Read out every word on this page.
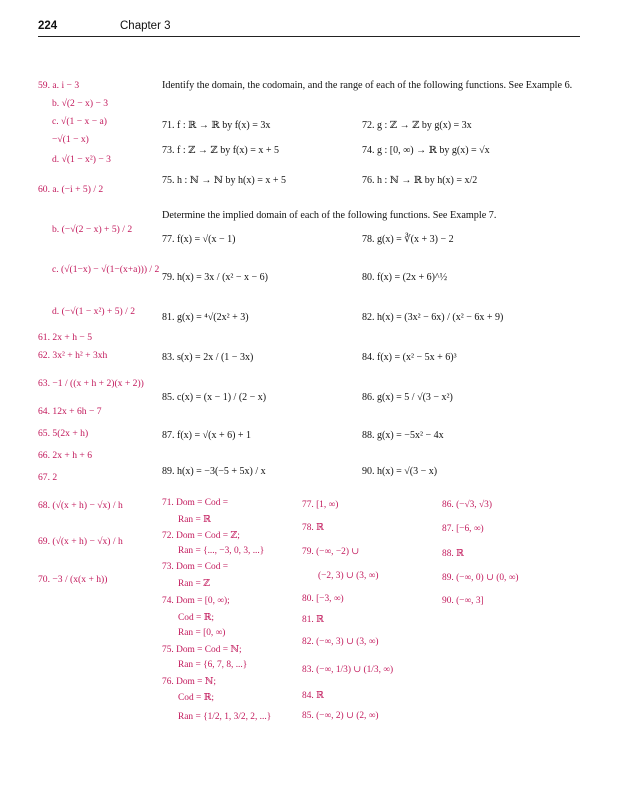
224	Chapter 3
59. a. i − 3
b. √(2 − x) − 3
c. √(1 − x − a)
−√(1 − x)
d. √(1 − x²) − 3
60. a. (−i + 5) / 2
b. (−√(2 − x) + 5) / 2
c. (√(1−x) − √(1−(x+a))) / 2
d. (−√(1 − x²) + 5) / 2
61. 2x + h − 5
62. 3x² + h² + 3xh
63. −1 / ((x + h + 2)(x + 2))
64. 12x + 6h − 7
65. 5(2x + h)
66. 2x + h + 6
67. 2
68. (√(x + h) − √x) / h
69. (√(x + h) − √x) / h
70. −3 / (x(x + h))
Identify the domain, the codomain, and the range of each of the following functions. See Example 6.
71. f : ℝ → ℝ by f(x) = 3x	72. g : ℤ → ℤ by g(x) = 3x
73. f : ℤ → ℤ by f(x) = x + 5	74. g : [0, ∞) → ℝ by g(x) = √x
75. h : ℕ → ℕ by h(x) = x + 5	76. h : ℕ → ℝ by h(x) = x/2
Determine the implied domain of each of the following functions. See Example 7.
77. f(x) = √(x − 1)	78. g(x) = ∛(x + 3) − 2
79. h(x) = 3x / (x² − x − 6)	80. f(x) = (2x + 6)^½
81. g(x) = ⁴√(2x² + 3)	82. h(x) = (3x² − 6x) / (x² − 6x + 9)
83. s(x) = 2x / (1 − 3x)	84. f(x) = (x² − 5x + 6)³
85. c(x) = (x − 1) / (2 − x)	86. g(x) = 5 / √(3 − x²)
87. f(x) = √(x + 6) + 1	88. g(x) = −5x² − 4x
89. h(x) = −3(−5 + 5x) / x	90. h(x) = √(3 − x)
71. Dom = Cod =
Ran = ℝ
72. Dom = Cod = ℤ;
Ran = {..., −3, 0, 3, ...}
73. Dom = Cod =
Ran = ℤ
74. Dom = [0, ∞);
Cod = ℝ;
Ran = [0, ∞)
75. Dom = Cod = ℕ;
Ran = {6, 7, 8, ...}
76. Dom = ℕ;
Cod = ℝ;
Ran = {1/2, 1, 3/2, 2, ...}
77. [1, ∞)
78. ℝ
79. (−∞, −2) ∪
(−2, 3) ∪ (3, ∞)
80. [−3, ∞)
81. ℝ
82. (−∞, 3) ∪ (3, ∞)
83. (−∞, 1/3) ∪ (1/3, ∞)
84. ℝ
85. (−∞, 2) ∪ (2, ∞)
86. (−√3, √3)
87. [−6, ∞)
88. ℝ
89. (−∞, 0) ∪ (0, ∞)
90. (−∞, 3]
